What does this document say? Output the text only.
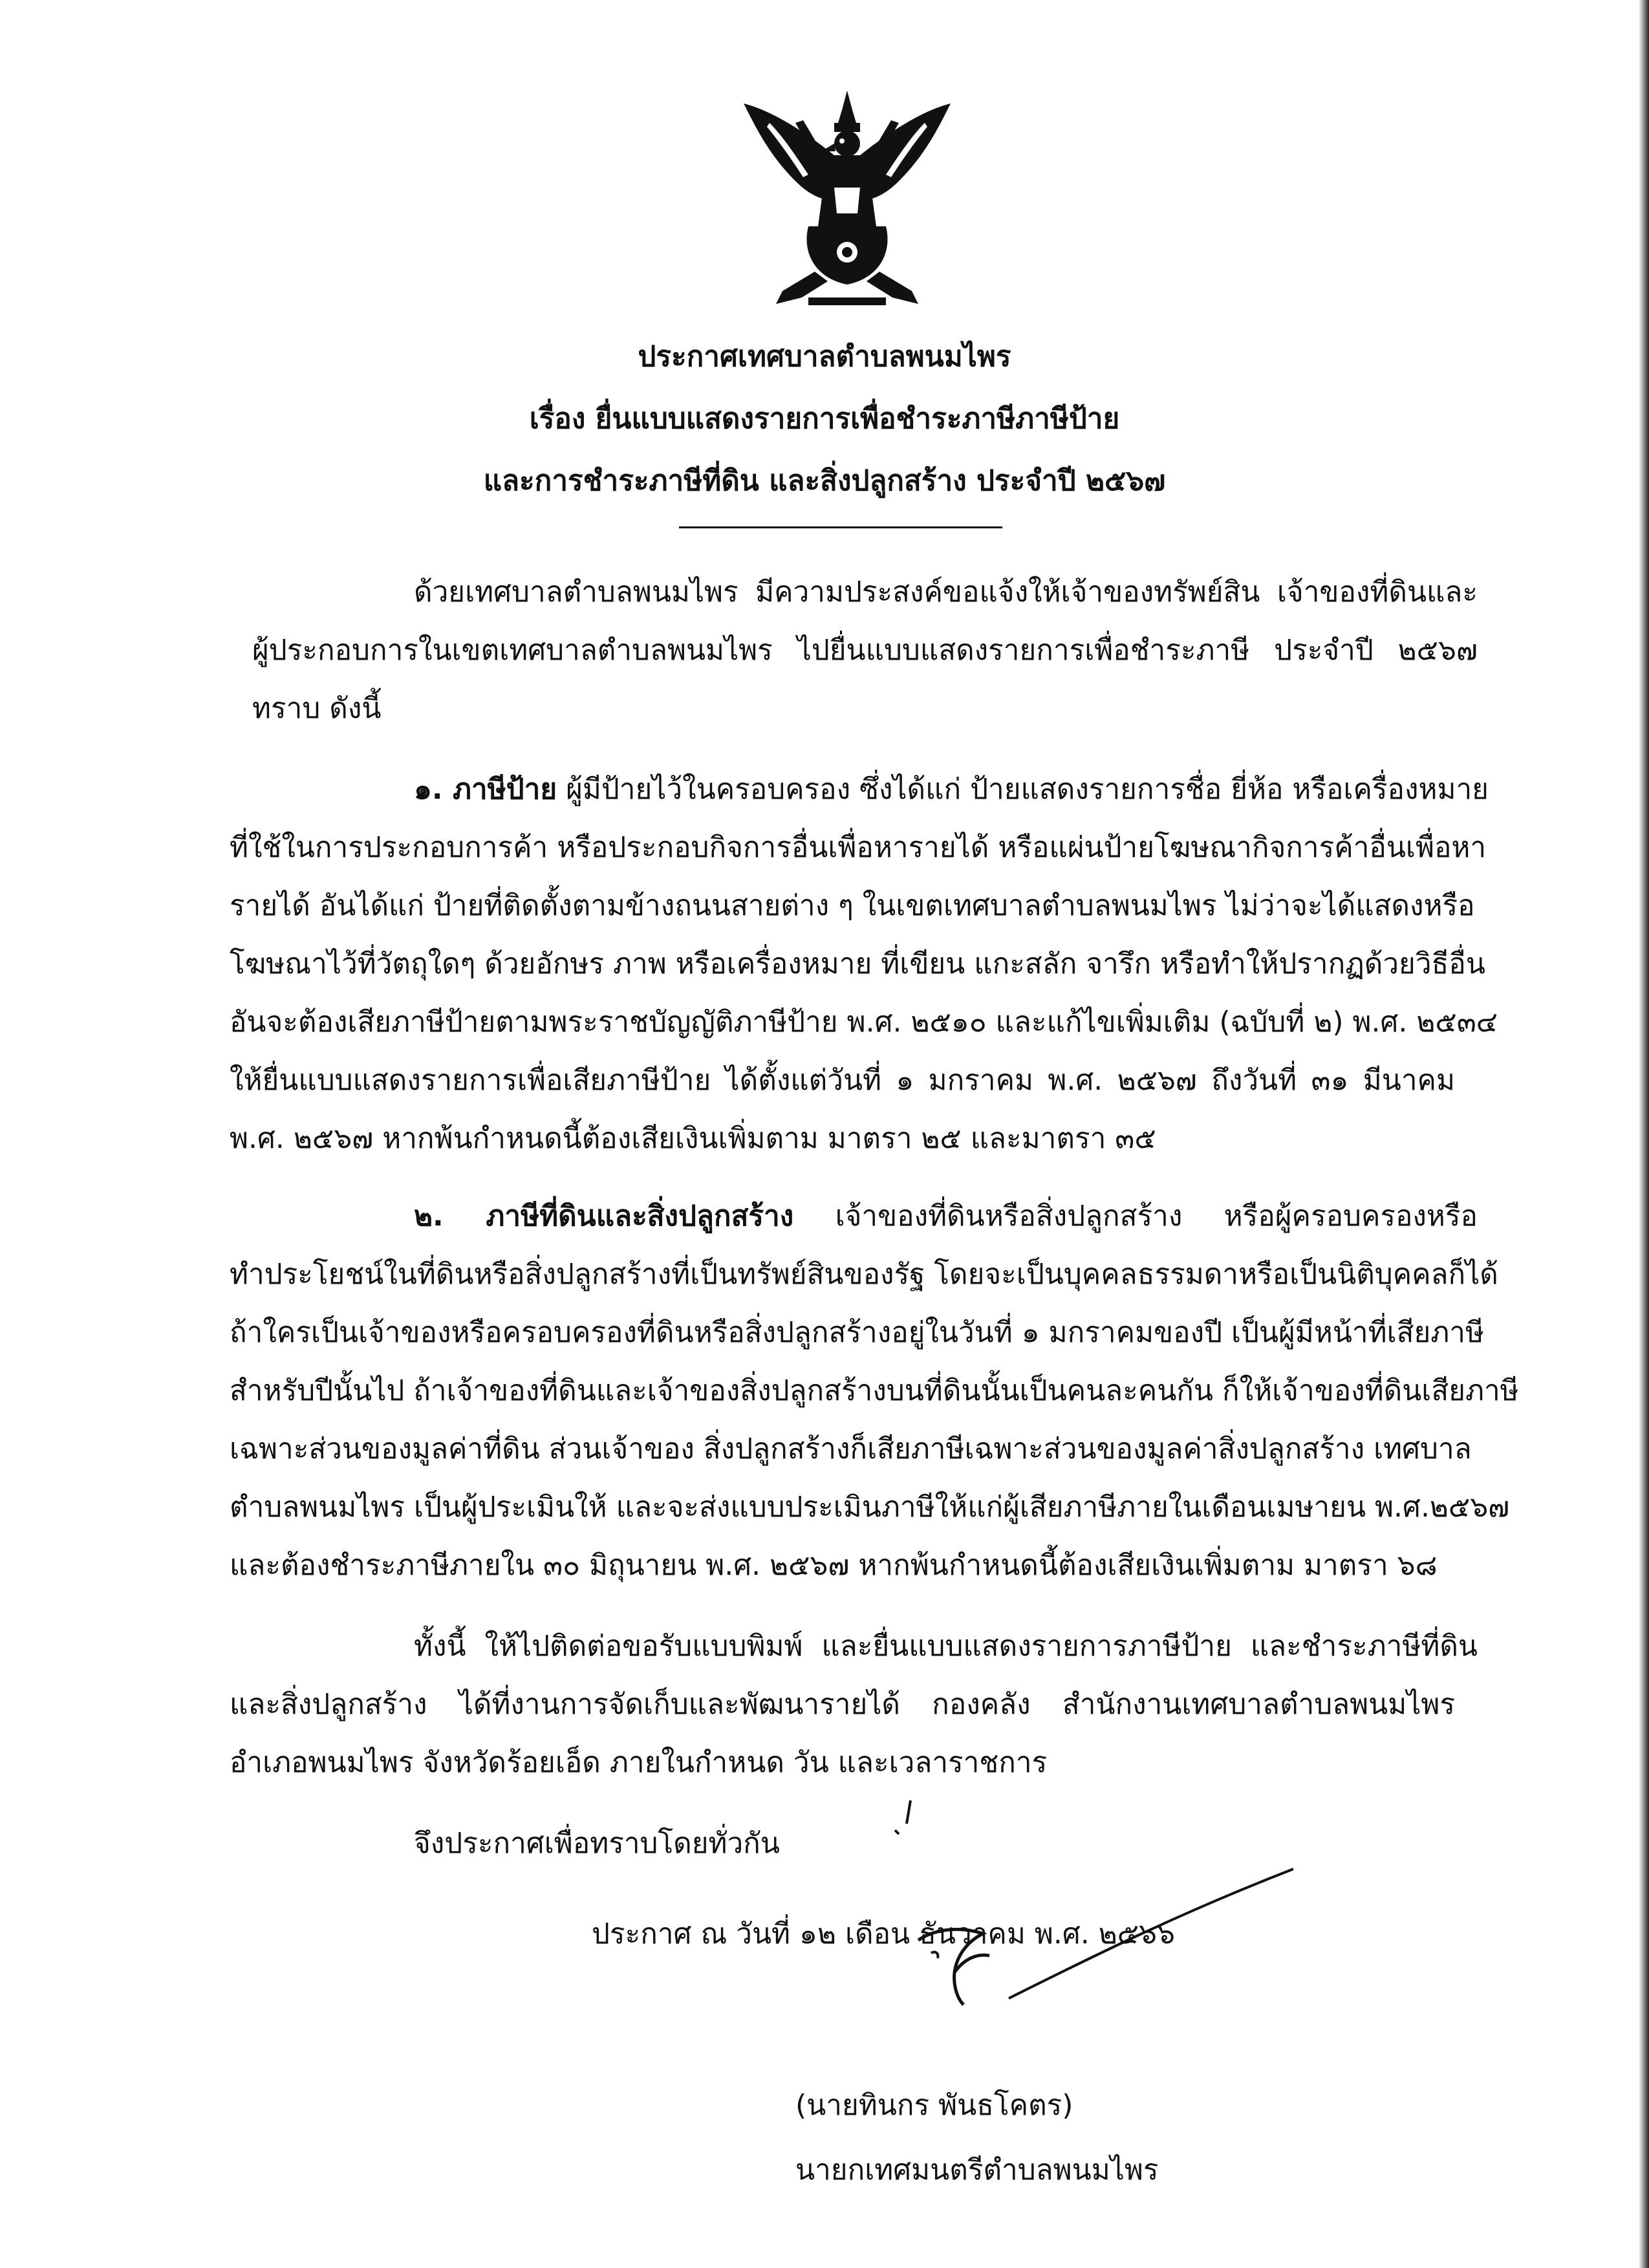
ประกาศเทศบาลตำบลพนมไพร
เรื่อง ยื่นแบบแสดงรายการเพื่อชำระภาษีภาษีป้าย
และการชำระภาษีที่ดิน และสิ่งปลูกสร้าง ประจำปี ๒๕๖๗
ด้วยเทศบาลตำบลพนมไพร มีความประสงค์ขอแจ้งให้เจ้าของทรัพย์สิน เจ้าของที่ดินและ
ผู้ประกอบการในเขตเทศบาลตำบลพนมไพร ไปยื่นแบบแสดงรายการเพื่อชำระภาษี ประจำปี ๒๕๖๗
ทราบ ดังนี้
๑. ภาษีป้าย ผู้มีป้ายไว้ในครอบครอง ซึ่งได้แก่ ป้ายแสดงรายการชื่อ ยี่ห้อ หรือเครื่องหมาย
ที่ใช้ในการประกอบการค้า หรือประกอบกิจการอื่นเพื่อหารายได้ หรือแผ่นป้ายโฆษณากิจการค้าอื่นเพื่อหา
รายได้ อันได้แก่ ป้ายที่ติดตั้งตามข้างถนนสายต่าง ๆ ในเขตเทศบาลตำบลพนมไพร ไม่ว่าจะได้แสดงหรือ
โฆษณาไว้ที่วัตถุใดๆ ด้วยอักษร ภาพ หรือเครื่องหมาย ที่เขียน แกะสลัก จารึก หรือทำให้ปรากฏด้วยวิธีอื่น
อันจะต้องเสียภาษีป้ายตามพระราชบัญญัติภาษีป้าย พ.ศ. ๒๕๑๐ และแก้ไขเพิ่มเติม (ฉบับที่ ๒) พ.ศ. ๒๕๓๔
ให้ยื่นแบบแสดงรายการเพื่อเสียภาษีป้าย ได้ตั้งแต่วันที่ ๑ มกราคม พ.ศ. ๒๕๖๗ ถึงวันที่ ๓๑ มีนาคม
พ.ศ. ๒๕๖๗ หากพ้นกำหนดนี้ต้องเสียเงินเพิ่มตาม มาตรา ๒๕ และมาตรา ๓๕
๒. ภาษีที่ดินและสิ่งปลูกสร้าง เจ้าของที่ดินหรือสิ่งปลูกสร้าง หรือผู้ครอบครองหรือ
ทำประโยชน์ในที่ดินหรือสิ่งปลูกสร้างที่เป็นทรัพย์สินของรัฐ โดยจะเป็นบุคคลธรรมดาหรือเป็นนิติบุคคลก็ได้
ถ้าใครเป็นเจ้าของหรือครอบครองที่ดินหรือสิ่งปลูกสร้างอยู่ในวันที่ ๑ มกราคมของปี เป็นผู้มีหน้าที่เสียภาษี
สำหรับปีนั้นไป ถ้าเจ้าของที่ดินและเจ้าของสิ่งปลูกสร้างบนที่ดินนั้นเป็นคนละคนกัน ก็ให้เจ้าของที่ดินเสียภาษี
เฉพาะส่วนของมูลค่าที่ดิน ส่วนเจ้าของ สิ่งปลูกสร้างก็เสียภาษีเฉพาะส่วนของมูลค่าสิ่งปลูกสร้าง เทศบาล
ตำบลพนมไพร เป็นผู้ประเมินให้ และจะส่งแบบประเมินภาษีให้แก่ผู้เสียภาษีภายในเดือนเมษายน พ.ศ.๒๕๖๗
และต้องชำระภาษีภายใน ๓๐ มิถุนายน พ.ศ. ๒๕๖๗ หากพ้นกำหนดนี้ต้องเสียเงินเพิ่มตาม มาตรา ๖๘
ทั้งนี้ ให้ไปติดต่อขอรับแบบพิมพ์ และยื่นแบบแสดงรายการภาษีป้าย และชำระภาษีที่ดิน
และสิ่งปลูกสร้าง ได้ที่งานการจัดเก็บและพัฒนารายได้ กองคลัง สำนักงานเทศบาลตำบลพนมไพร
อำเภอพนมไพร จังหวัดร้อยเอ็ด ภายในกำหนด วัน และเวลาราชการ
จึงประกาศเพื่อทราบโดยทั่วกัน
ประกาศ ณ วันที่ ๑๒ เดือน ธันวาคม พ.ศ. ๒๕๖๖
(นายทินกร พันธโคตร)
นายกเทศมนตรีตำบลพนมไพร
